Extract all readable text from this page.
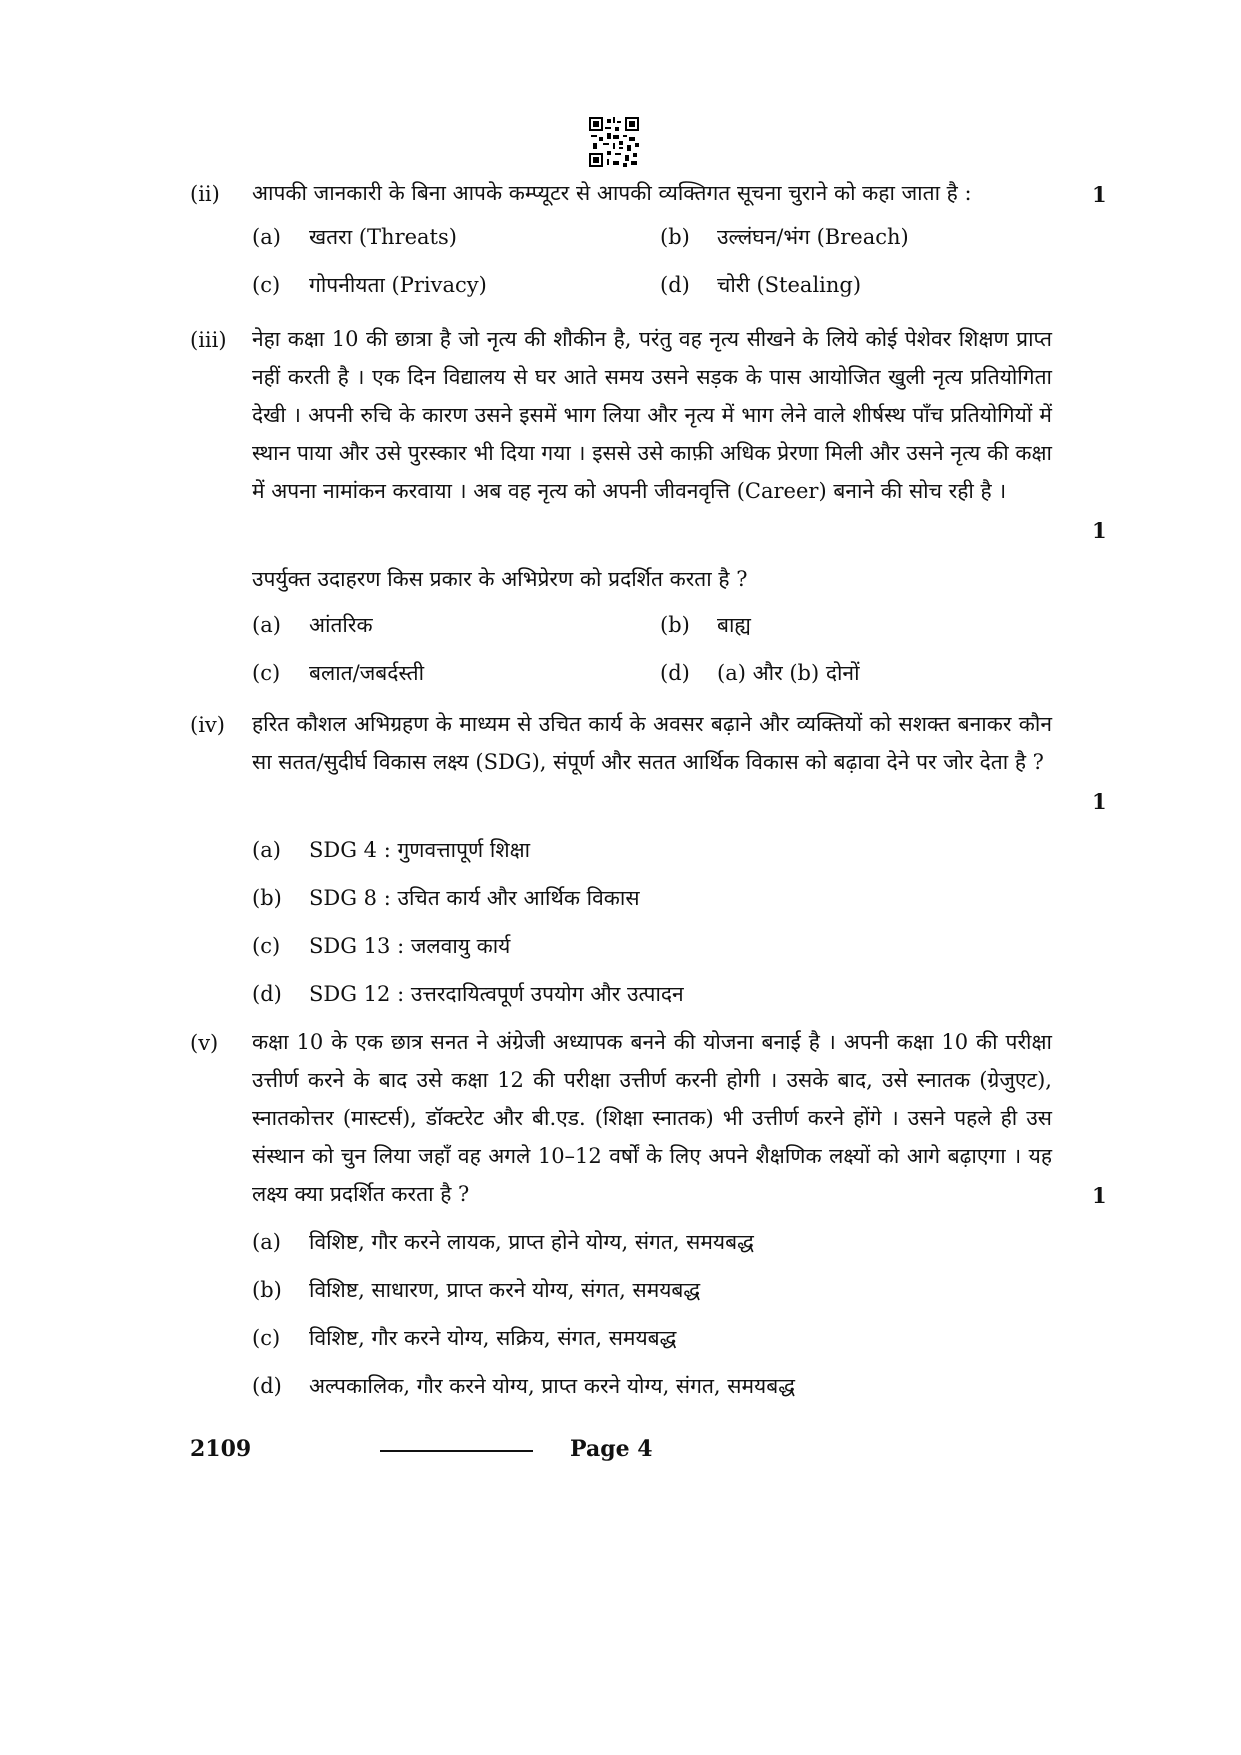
(ii) आपकी जानकारी के बिना आपके कम्प्यूटर से आपकी व्यक्तिगत सूचना चुराने को कहा जाता है :	1
(a) खतरा (Threats)	(b) उल्लंघन/भंग (Breach)
(c) गोपनीयता (Privacy)	(d) चोरी (Stealing)
(iii) नेहा कक्षा 10 की छात्रा है जो नृत्य की शौकीन है, परंतु वह नृत्य सीखने के लिये कोई पेशेवर शिक्षण प्राप्त नहीं करती है । एक दिन विद्यालय से घर आते समय उसने सड़क के पास आयोजित खुली नृत्य प्रतियोगिता देखी । अपनी रुचि के कारण उसने इसमें भाग लिया और नृत्य में भाग लेने वाले शीर्षस्थ पाँच प्रतियोगियों में स्थान पाया और उसे पुरस्कार भी दिया गया । इससे उसे काफ़ी अधिक प्रेरणा मिली और उसने नृत्य की कक्षा में अपना नामांकन करवाया । अब वह नृत्य को अपनी जीवनवृत्ति (Career) बनाने की सोच रही है ।
1
उपर्युक्त उदाहरण किस प्रकार के अभिप्रेरण को प्रदर्शित करता है ?
(a) आंतरिक	(b) बाह्य
(c) बलात/जबर्दस्ती	(d) (a) और (b) दोनों
(iv) हरित कौशल अभिग्रहण के माध्यम से उचित कार्य के अवसर बढ़ाने और व्यक्तियों को सशक्त बनाकर कौन सा सतत/सुदीर्घ विकास लक्ष्य (SDG), संपूर्ण और सतत आर्थिक विकास को बढ़ावा देने पर जोर देता है ?
1
(a) SDG 4 : गुणवत्तापूर्ण शिक्षा
(b) SDG 8 : उचित कार्य और आर्थिक विकास
(c) SDG 13 : जलवायु कार्य
(d) SDG 12 : उत्तरदायित्वपूर्ण उपयोग और उत्पादन
(v) कक्षा 10 के एक छात्र सनत ने अंग्रेजी अध्यापक बनने की योजना बनाई है । अपनी कक्षा 10 की परीक्षा उत्तीर्ण करने के बाद उसे कक्षा 12 की परीक्षा उत्तीर्ण करनी होगी । उसके बाद, उसे स्नातक (ग्रेजुएट), स्नातकोत्तर (मास्टर्स), डॉक्टरेट और बी.एड. (शिक्षा स्नातक) भी उत्तीर्ण करने होंगे । उसने पहले ही उस संस्थान को चुन लिया जहाँ वह अगले 10–12 वर्षों के लिए अपने शैक्षणिक लक्ष्यों को आगे बढ़ाएगा । यह लक्ष्य क्या प्रदर्शित करता है ?	1
(a) विशिष्ट, गौर करने लायक, प्राप्त होने योग्य, संगत, समयबद्ध
(b) विशिष्ट, साधारण, प्राप्त करने योग्य, संगत, समयबद्ध
(c) विशिष्ट, गौर करने योग्य, सक्रिय, संगत, समयबद्ध
(d) अल्पकालिक, गौर करने योग्य, प्राप्त करने योग्य, संगत, समयबद्ध
2109	Page 4
